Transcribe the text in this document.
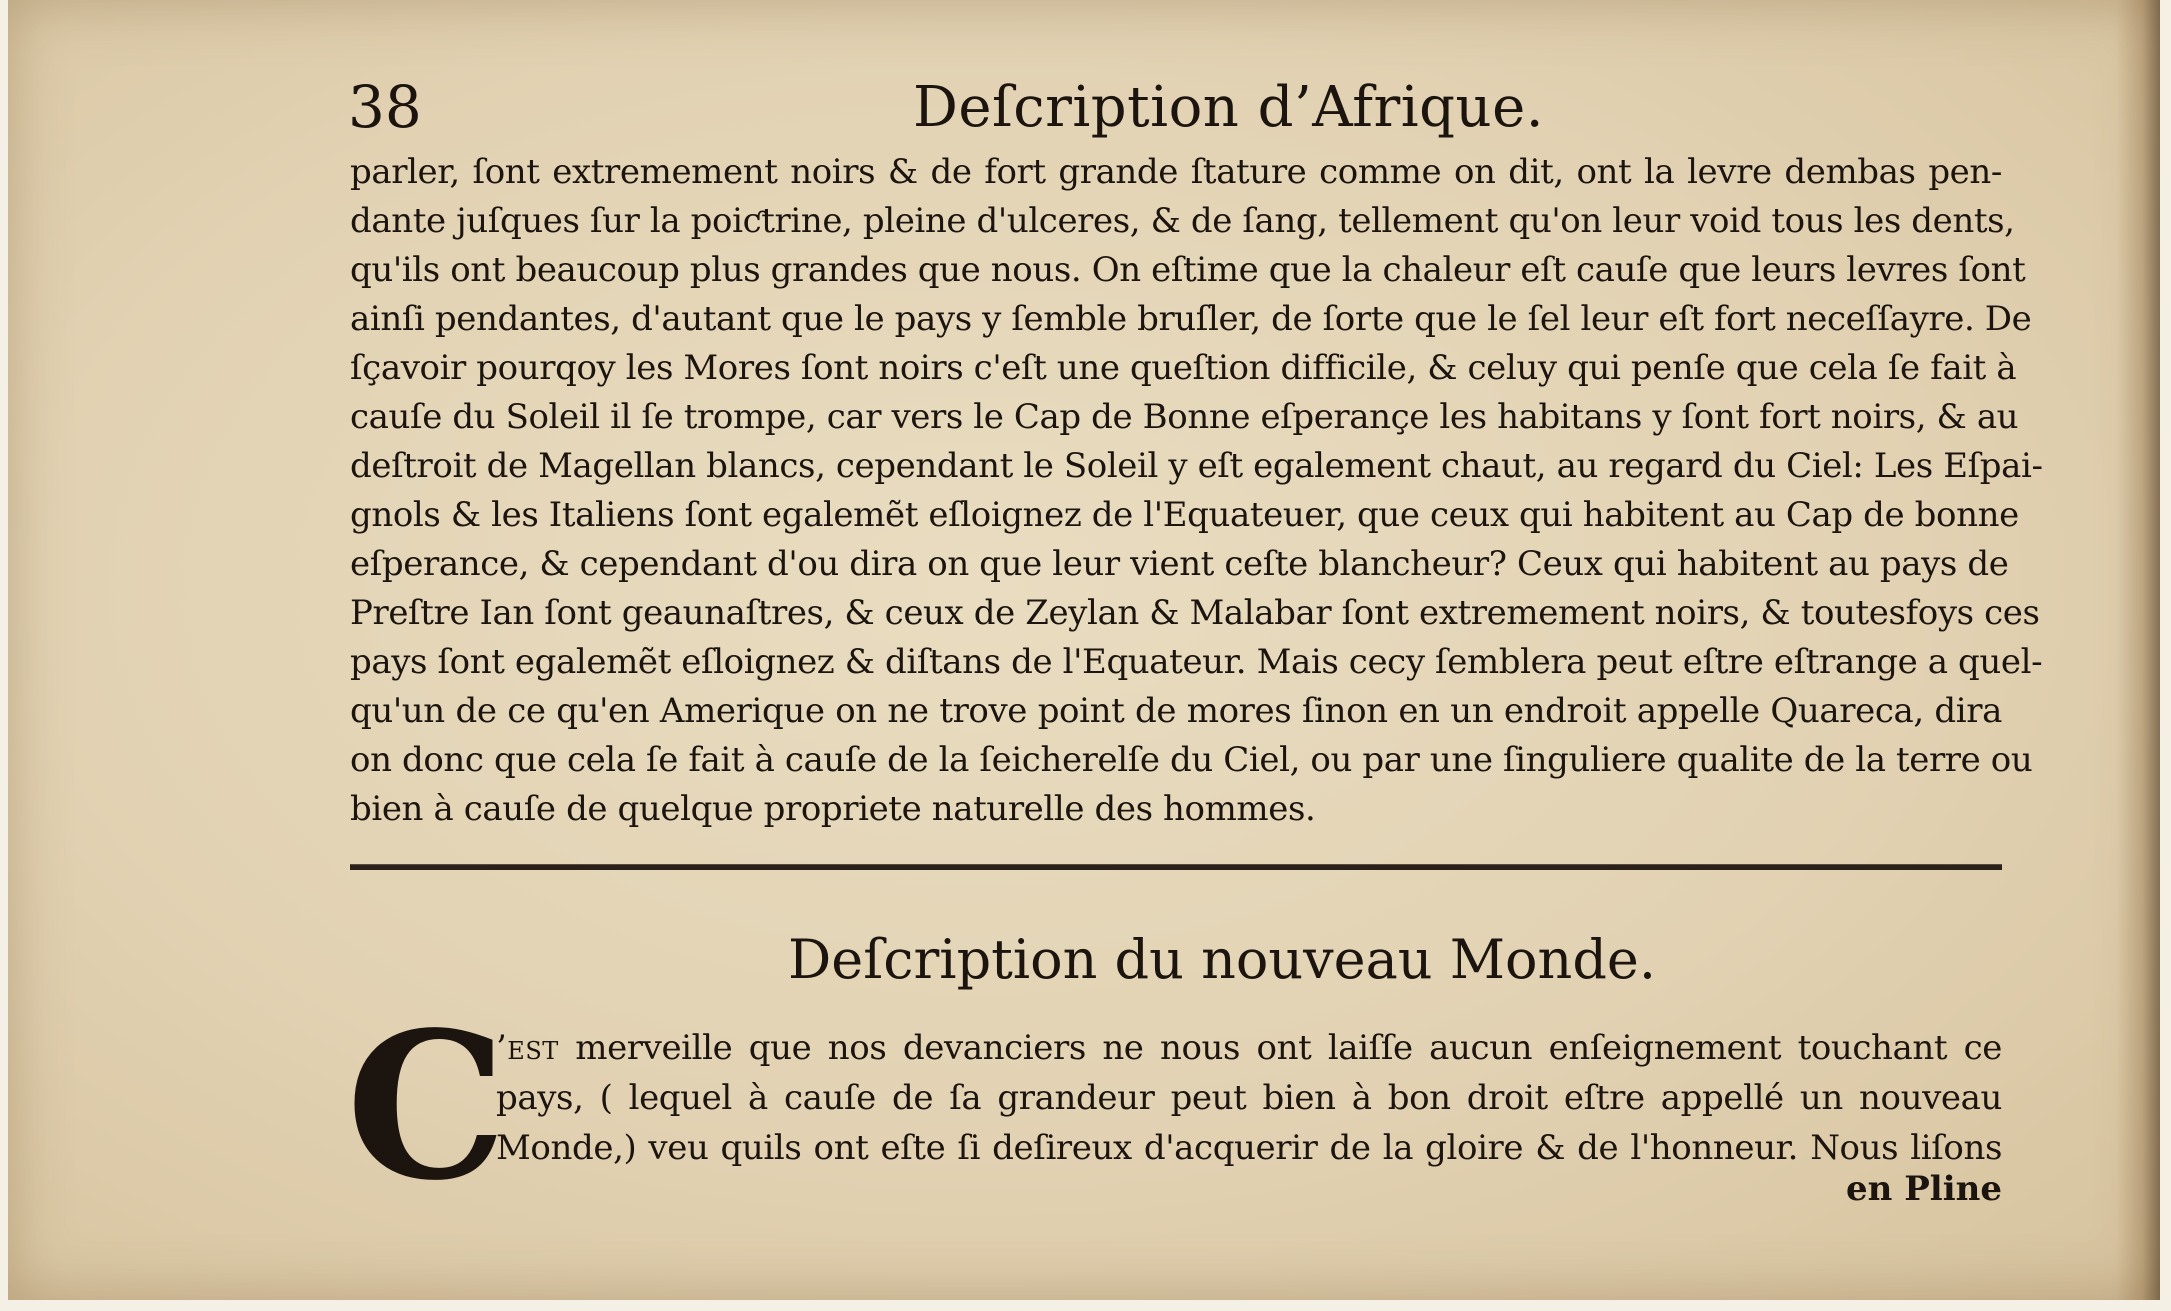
38	Deſcription d’Afrique.
parler, ſont extremement noirs & de fort grande ſtature comme on dit, ont la levre dembas pen-
dante juſques ſur la poiƈtrine, pleine d'ulceres, & de ſang, tellement qu'on leur void tous les dents,
qu'ils ont beaucoup plus grandes que nous. On eſtime que la chaleur eſt cauſe que leurs levres ſont
ainſi pendantes, d'autant que le pays y ſemble bruſler, de ſorte que le ſel leur eſt fort neceſſayre. De
ſçavoir pourqoy les Mores ſont noirs c'eſt une queſtion difficile, & celuy qui penſe que cela ſe fait à
cauſe du Soleil il ſe trompe, car vers le Cap de Bonne eſperançe les habitans y ſont fort noirs, & au
deſtroit de Magellan blancs, cependant le Soleil y eſt egalement chaut, au regard du Ciel: Les Eſpai-
gnols & les Italiens ſont egalemẽt eſloignez de l'Equateuer, que ceux qui habitent au Cap de bonne
eſperance, & cependant d'ou dira on que leur vient ceſte blancheur? Ceux qui habitent au pays de
Preſtre Ian ſont geaunaſtres, & ceux de Zeylan & Malabar ſont extremement noirs, & toutesfoys ces
pays ſont egalemẽt eſloignez & diſtans de l'Equateur. Mais cecy ſemblera peut eſtre eſtrange a quel-
qu'un de ce qu'en Amerique on ne trove point de mores ſinon en un endroit appelle Quareca, dira
on donc que cela ſe fait à cauſe de la ſeicherelſe du Ciel, ou par une ſinguliere qualite de la terre ou
bien à cauſe de quelque propriete naturelle des hommes.
Deſcription du nouveau Monde.
C
’est merveille que nos devanciers ne nous ont laiſſe aucun enſeignement touchant ce
pays, ( lequel à cauſe de ſa grandeur peut bien à bon droit eſtre appellé un nouveau
Monde,) veu quils ont eſte ſi deſireux d'acquerir de la gloire & de l'honneur. Nous liſons
en Pline
